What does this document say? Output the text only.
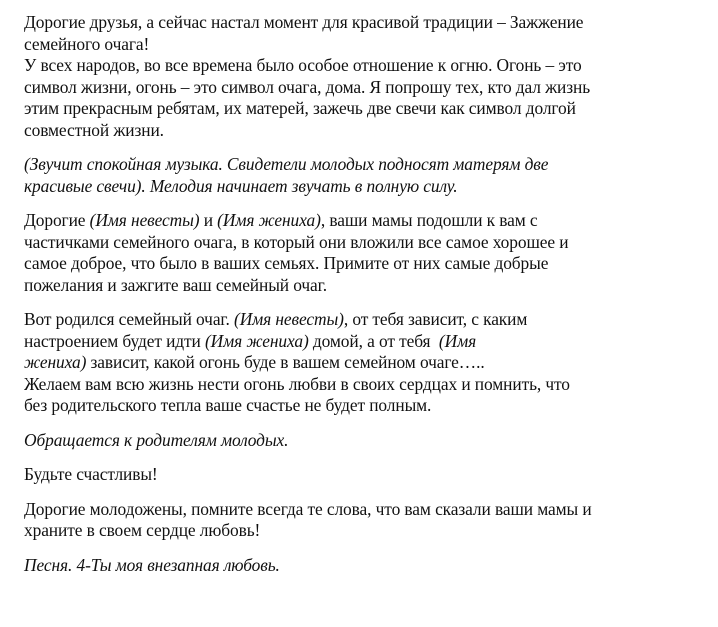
Дорогие друзья, а сейчас настал момент для красивой традиции – Зажжение
семейного очага!
У всех народов, во все времена было особое отношение к огню. Огонь – это
символ жизни, огонь – это символ очага, дома. Я попрошу тех, кто дал жизнь
этим прекрасным ребятам, их матерей, зажечь две свечи как символ долгой
совместной жизни.

(Звучит спокойная музыка. Свидетели молодых подносят матерям две
красивые свечи). Мелодия начинает звучать в полную силу.

Дорогие (Имя невесты) и (Имя жениха), ваши мамы подошли к вам с
частичками семейного очага, в который они вложили все самое хорошее и
самое доброе, что было в ваших семьях. Примите от них самые добрые
пожелания и зажгите ваш семейный очаг.

Вот родился семейный очаг. (Имя невесты), от тебя зависит, с каким
настроением будет идти (Имя жениха) домой, а от тебя  (Имя
жениха) зависит, какой огонь буде в вашем семейном очаге…..
Желаем вам всю жизнь нести огонь любви в своих сердцах и помнить, что
без родительского тепла ваше счастье не будет полным.

Обращается к родителям молодых.

Будьте счастливы!

Дорогие молодожены, помните всегда те слова, что вам сказали ваши мамы и
храните в своем сердце любовь!

Песня. 4-Ты моя внезапная любовь.
